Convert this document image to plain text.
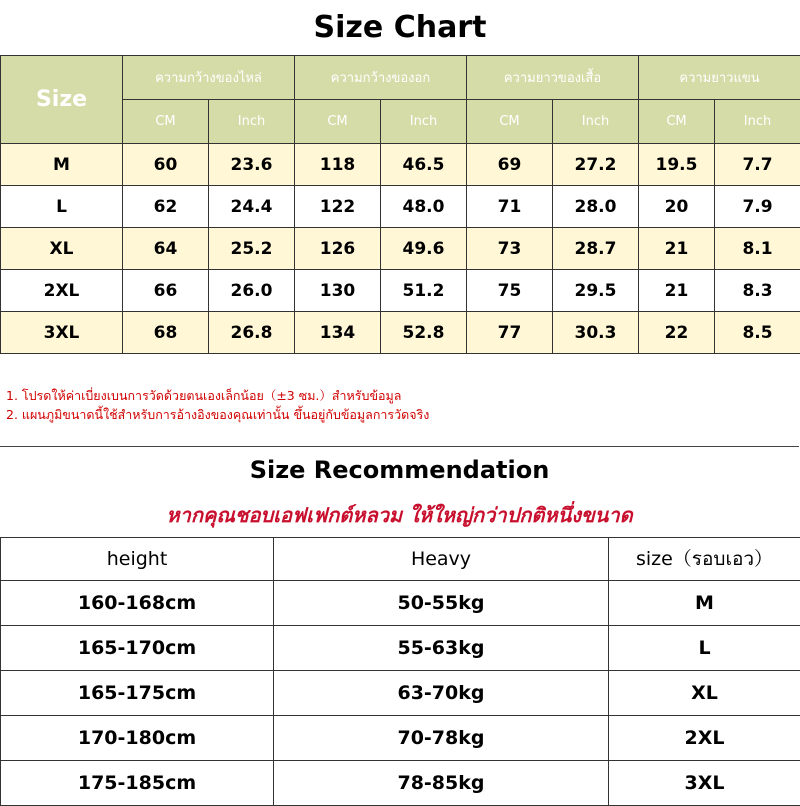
Size Chart
Size	ความกว้างของไหล่		ความกว้างของอก		ความยาวของเสื้อ		ความยาวแขน	
	CM	Inch	CM	Inch	CM	Inch	CM	Inch
M	60	23.6	118	46.5	69	27.2	19.5	7.7
L	62	24.4	122	48.0	71	28.0	20	7.9
XL	64	25.2	126	49.6	73	28.7	21	8.1
2XL	66	26.0	130	51.2	75	29.5	21	8.3
3XL	68	26.8	134	52.8	77	30.3	22	8.5
1. โปรดให้ค่าเบี่ยงเบนการวัดด้วยตนเองเล็กน้อย（±3 ซม.）สำหรับข้อมูล
2. แผนภูมิขนาดนี้ใช้สำหรับการอ้างอิงของคุณเท่านั้น ขึ้นอยู่กับข้อมูลการวัดจริง
Size Recommendation
หากคุณชอบเอฟเฟกต์หลวม ให้ใหญ่กว่าปกติหนึ่งขนาด
height	Heavy	size（รอบเอว）
160-168cm	50-55kg	M
165-170cm	55-63kg	L
165-175cm	63-70kg	XL
170-180cm	70-78kg	2XL
175-185cm	78-85kg	3XL
